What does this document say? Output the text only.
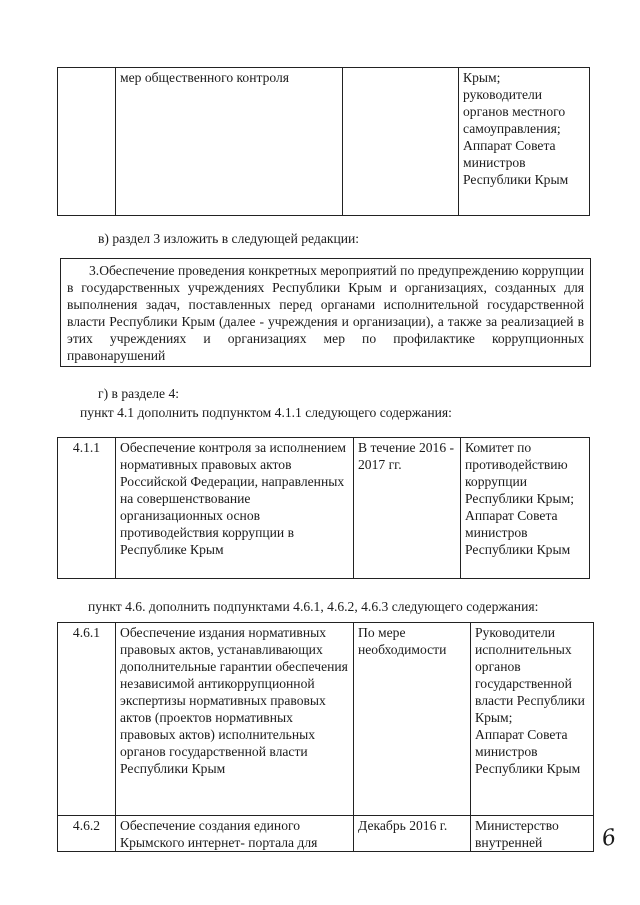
	мер общественного контроля		Крым;
руководители органов местного самоуправления;
Аппарат Совета министров Республики Крым
в) раздел 3 изложить в следующей редакции:
3.Обеспечение проведения конкретных мероприятий по предупреждению коррупции в государственных учреждениях Республики Крым и организациях, созданных для выполнения задач, поставленных перед органами исполнительной государственной власти Республики Крым (далее - учреждения и организации), а также за реализацией в этих учреждениях и организациях мер по профилактике коррупционных правонарушений
г) в разделе 4:
пункт 4.1 дополнить подпунктом 4.1.1 следующего содержания:
4.1.1	Обеспечение контроля за исполнением нормативных правовых актов Российской Федерации, направленных на совершенствование организационных основ противодействия коррупции в Республике Крым	В течение 2016 - 2017 гг.	Комитет по противодействию коррупции Республики Крым;
Аппарат Совета министров Республики Крым
пункт 4.6. дополнить подпунктами 4.6.1, 4.6.2, 4.6.3 следующего содержания:
4.6.1	Обеспечение издания нормативных правовых актов, устанавливающих дополнительные гарантии обеспечения независимой антикоррупционной экспертизы нормативных правовых актов (проектов нормативных правовых актов) исполнительных органов государственной власти Республики Крым	По мере необходимости	Руководители исполнительных органов государственной власти Республики Крым;
Аппарат Совета министров Республики Крым
4.6.2	Обеспечение создания единого Крымского интернет- портала для	Декабрь 2016 г.	Министерство внутренней	6
